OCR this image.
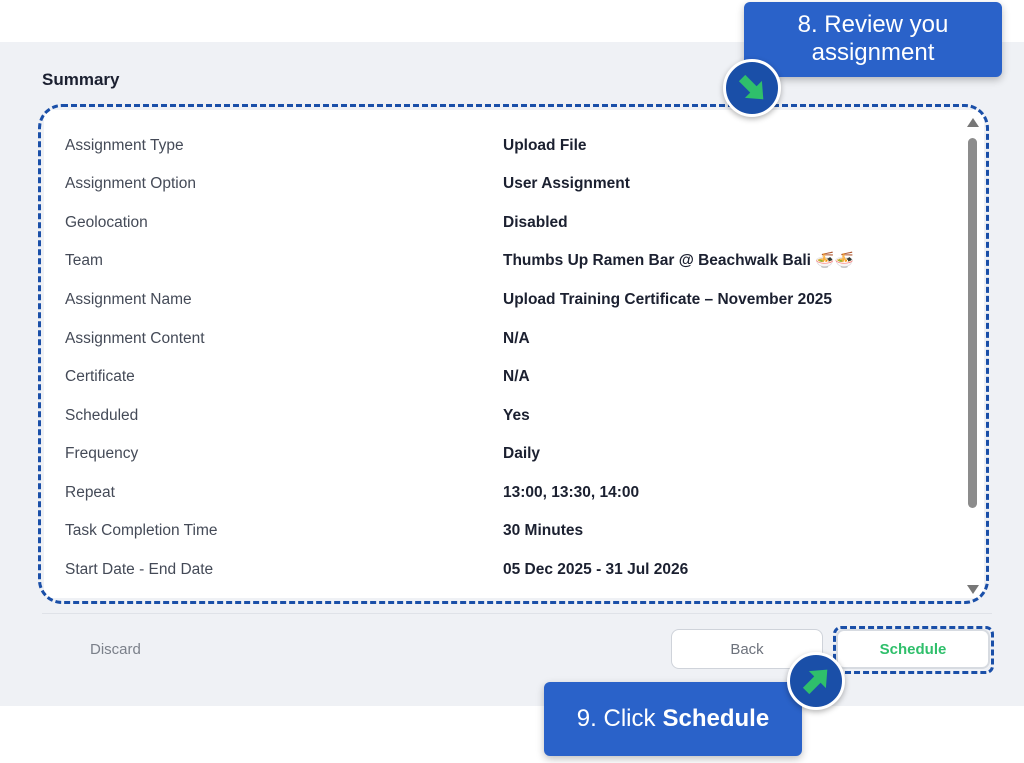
Summary
Assignment Type	Upload File
Assignment Option	User Assignment
Geolocation	Disabled
Team	Thumbs Up Ramen Bar @ Beachwalk Bali 🍜🍜
Assignment Name	Upload Training Certificate – November 2025
Assignment Content	N/A
Certificate	N/A
Scheduled	Yes
Frequency	Daily
Repeat	13:00, 13:30, 14:00
Task Completion Time	30 Minutes
Start Date - End Date	05 Dec 2025 - 31 Jul 2026
Discard	Back	Schedule
8. Review you
assignment
9. Click Schedule
